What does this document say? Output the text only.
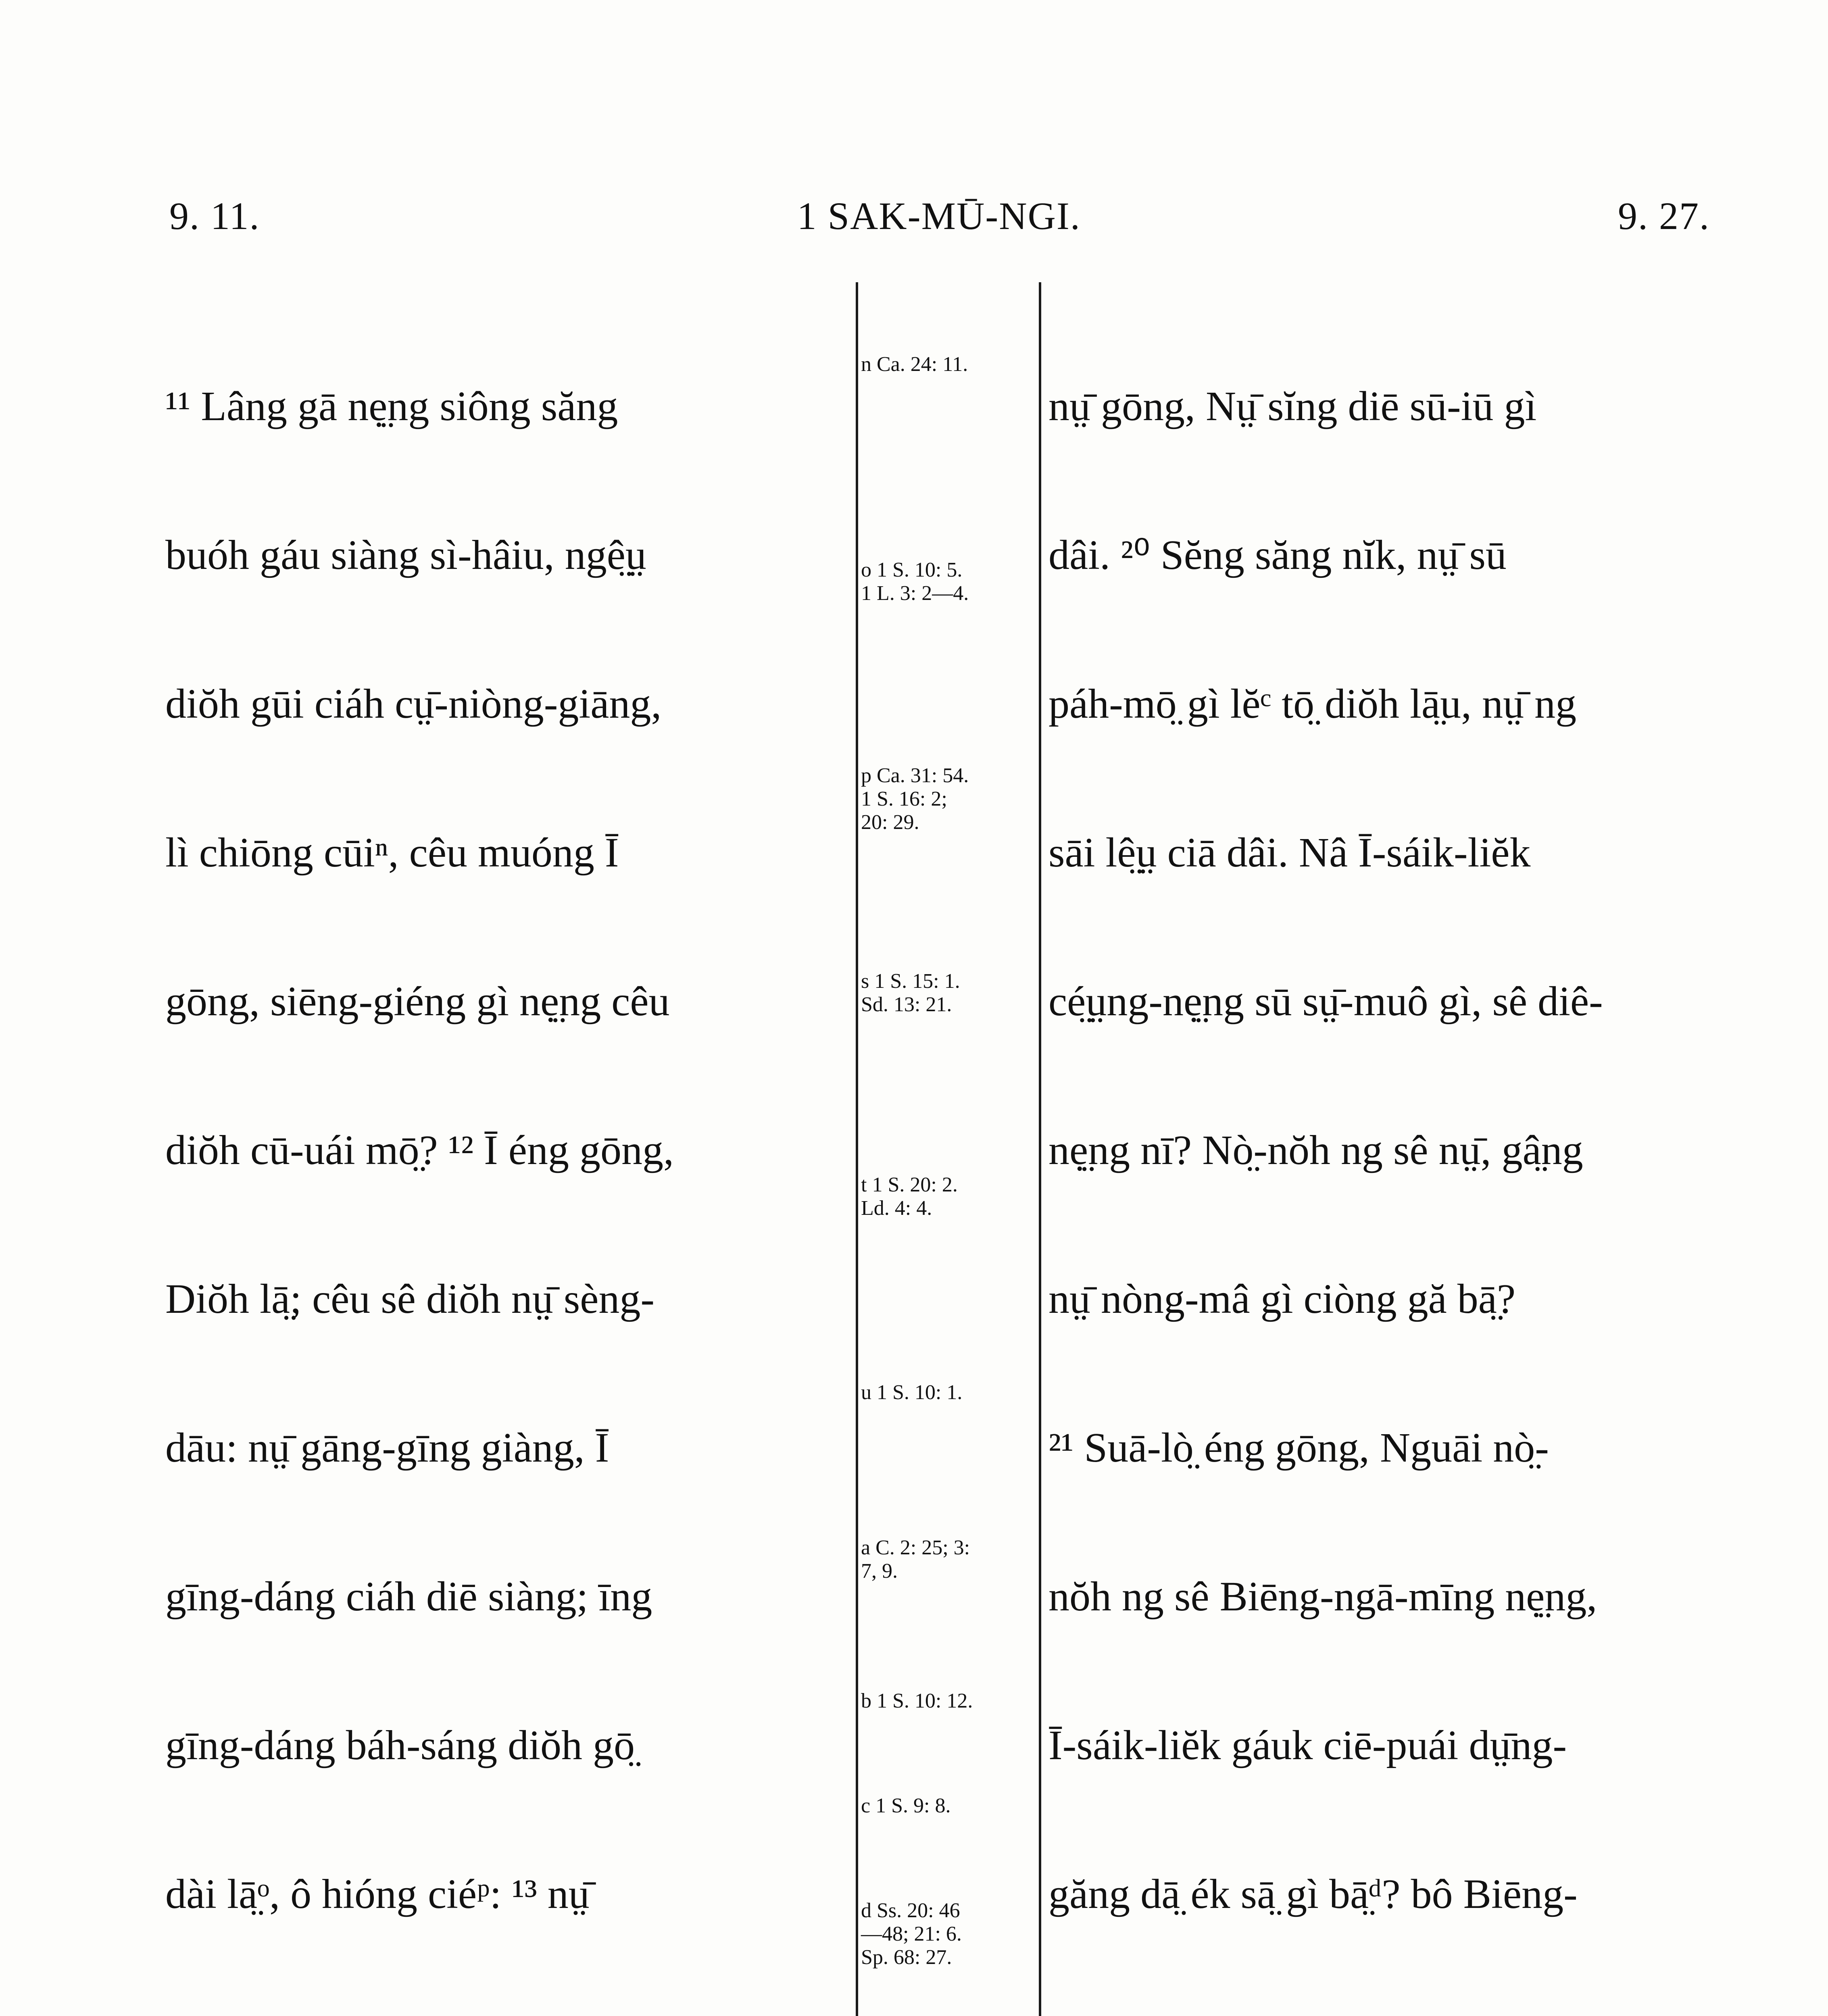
9. 11.	1 SAK-MŪ-NGI.	9. 27.

¹¹ Lâng gā nẹ̤ng siông săng

buóh gáu siàng sì-hâiu, ngê̤ṳ

diŏh gūi ciáh cṳ̄-niòng-giāng,

lì chiōng cūiⁿ, cêu muóng Ī

gōng, siēng-giéng gì nẹ̤ng cêu

diŏh cū-uái mō̤? ¹² Ī éng gōng,

Diŏh lā̤; cêu sê diŏh nṳ̄ sèng-

dāu: nṳ̄ gāng-gīng giàng, Ī

gīng-dáng ciáh diē siàng; īng

gīng-dáng báh-sáng diŏh gō̤

dài lā̤ᵒ, ô hióng ciéᵖ: ¹³ nṳ̄

n Ca. 24: 11.
o 1 S. 10: 5.
1 L. 3: 2—4.
p Ca. 31: 54.
1 S. 16: 2;
20: 29.
s 1 S. 15: 1.
Sd. 13: 21.
t 1 S. 20: 2.
Ld. 4: 4.
u 1 S. 10: 1.
a C. 2: 25; 3:
7, 9.
b 1 S. 10: 12.
c 1 S. 9: 8.
d Ss. 20: 46
—48; 21: 6.
Sp. 68: 27.

nṳ̄ gōng, Nṳ̄ sĭng diē sū-iū gì

dâi. ²⁰ Sĕng săng nĭk, nṳ̄ sū

páh-mō̤ gì lĕᶜ tō̤ diŏh lā̤u, nṳ̄ ng

sāi lê̤ṳ ciā dâi. Nâ Ī-sáik-liĕk

cé̤ṳng-nẹ̤ng sū sṳ̄-muô gì, sê diê-

nẹ̤ng nī? Nò̤-nŏh ng sê nṳ̄, gâ̤ng

nṳ̄ nòng-mâ gì ciòng gă bā̤?

²¹ Suā-lò̤ éng gōng, Nguāi nò̤-

nŏh ng sê Biēng-ngā-mīng nẹ̤ng,

Ī-sáik-liĕk gáuk ciē-puái dṳ̄ng-

găng dā̤ ék sā̤ gì bā̤ᵈ? bô Biēng-
